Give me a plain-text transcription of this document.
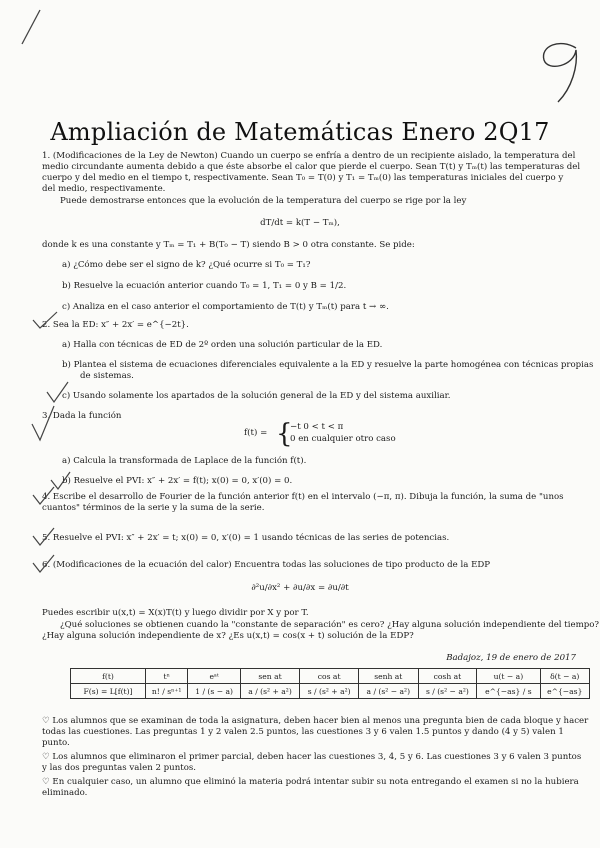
9
Ampliación de Matemáticas Enero 2Q17
1. (Modificaciones de la Ley de Newton) Cuando un cuerpo se enfría a dentro de un recipiente aislado, la temperatura del
medio circundante aumenta debido a que éste absorbe el calor que pierde el cuerpo. Sean T(t) y Tₘ(t) las temperaturas del
cuerpo y del medio en el tiempo t, respectivamente. Sean T₀ = T(0) y T₁ = Tₘ(0) las temperaturas iniciales del cuerpo y
del medio, respectivamente.
Puede demostrarse entonces que la evolución de la temperatura del cuerpo se rige por la ley
dT/dt = k(T − Tₘ),
donde k es una constante y Tₘ = T₁ + B(T₀ − T) siendo B > 0 otra constante. Se pide:
a) ¿Cómo debe ser el signo de k? ¿Qué ocurre si T₀ = T₁?
b) Resuelve la ecuación anterior cuando T₀ = 1, T₁ = 0 y B = 1/2.
c) Analiza en el caso anterior el comportamiento de T(t) y Tₘ(t) para t → ∞.
2. Sea la ED: x″ + 2x′ = e^{−2t}.
a) Halla con técnicas de ED de 2º orden una solución particular de la ED.
b) Plantea el sistema de ecuaciones diferenciales equivalente a la ED y resuelve la parte homogénea con técnicas propias
de sistemas.
c) Usando solamente los apartados de la solución general de la ED y del sistema auxiliar.
3. Dada la función
f(t) = {
−t 0 < t < π
0 en cualquier otro caso
a) Calcula la transformada de Laplace de la función f(t).
b) Resuelve el PVI: x″ + 2x′ = f(t); x(0) = 0, x′(0) = 0.
4. Escribe el desarrollo de Fourier de la función anterior f(t) en el intervalo (−π, π). Dibuja la función, la suma de "unos
cuantos" términos de la serie y la suma de la serie.
5. Resuelve el PVI: x″ + 2x′ = t; x(0) = 0, x′(0) = 1 usando técnicas de las series de potencias.
6. (Modificaciones de la ecuación del calor) Encuentra todas las soluciones de tipo producto de la EDP
∂²u/∂x² + ∂u/∂x = ∂u/∂t
Puedes escribir u(x,t) = X(x)T(t) y luego dividir por X y por T.
¿Qué soluciones se obtienen cuando la "constante de separación" es cero? ¿Hay alguna solución independiente del tiempo?
¿Hay alguna solución independiente de x? ¿Es u(x,t) = cos(x + t) solución de la EDP?
Badajoz, 19 de enero de 2017
f(t)	tⁿ	eᵃᵗ	sen at	cos at	senh at	cosh at	u(t − a)	δ(t − a)
F(s) = L[f(t)]	n! / sⁿ⁺¹	1 / (s − a)	a / (s² + a²)	s / (s² + a²)	a / (s² − a²)	s / (s² − a²)	e^{−as} / s	e^{−as}
♡ Los alumnos que se examinan de toda la asignatura, deben hacer bien al menos una pregunta bien de cada bloque y hacer
todas las cuestiones. Las preguntas 1 y 2 valen 2.5 puntos, las cuestiones 3 y 6 valen 1.5 puntos y dando (4 y 5) valen 1
punto.
♡ Los alumnos que eliminaron el primer parcial, deben hacer las cuestiones 3, 4, 5 y 6. Las cuestiones 3 y 6 valen 3 puntos
y las dos preguntas valen 2 puntos.
♡ En cualquier caso, un alumno que eliminó la materia podrá intentar subir su nota entregando el examen si no la hubiera
eliminado.
